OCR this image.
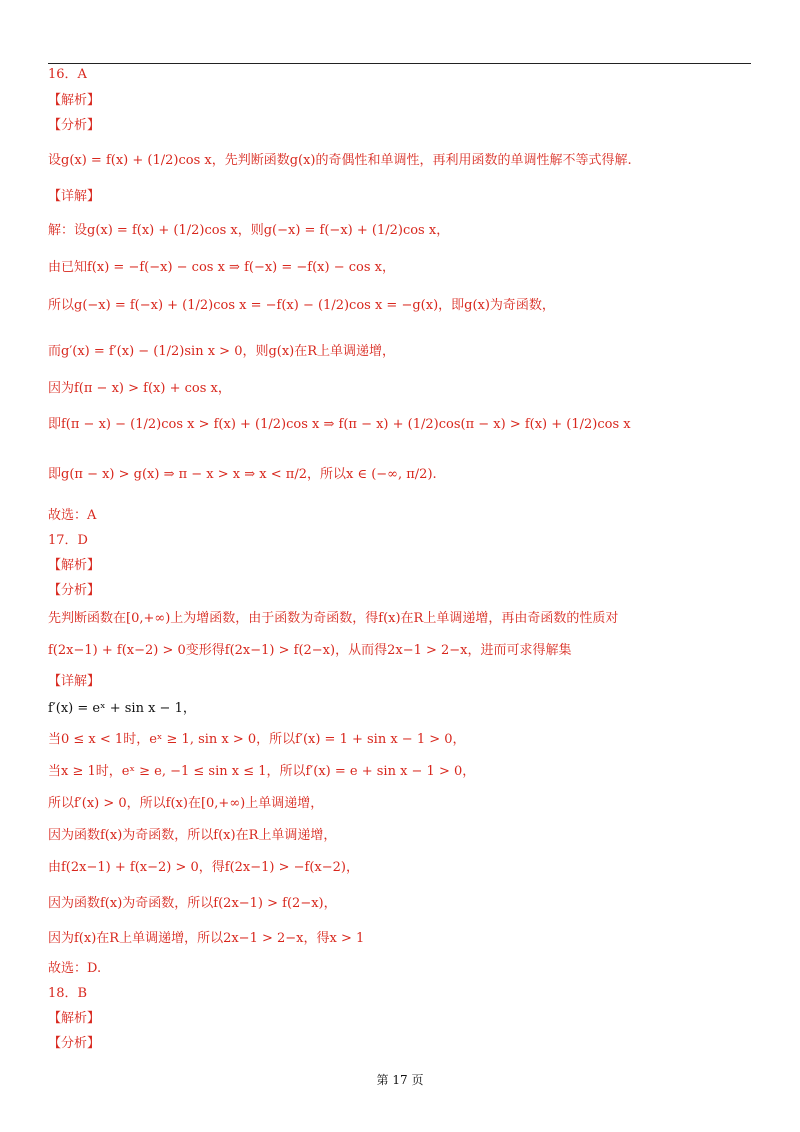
16．A
【解析】
【分析】
设g(x) = f(x) + (1/2)cos x，先判断函数g(x)的奇偶性和单调性，再利用函数的单调性解不等式得解.
【详解】
解：设g(x) = f(x) + (1/2)cos x，则g(−x) = f(−x) + (1/2)cos x，
由已知f(x) = −f(−x) − cos x ⇒ f(−x) = −f(x) − cos x，
所以g(−x) = f(−x) + (1/2)cos x = −f(x) − (1/2)cos x = −g(x)，即g(x)为奇函数，
而g′(x) = f′(x) − (1/2)sin x > 0，则g(x)在R上单调递增，
因为f(π − x) > f(x) + cos x，
即f(π − x) − (1/2)cos x > f(x) + (1/2)cos x ⇒ f(π − x) + (1/2)cos(π − x) > f(x) + (1/2)cos x
即g(π − x) > g(x) ⇒ π − x > x ⇒ x < π/2，所以x ∈ (−∞, π/2).
故选：A
17．D
【解析】
【分析】
先判断函数在[0,+∞)上为增函数，由于函数为奇函数，得f(x)在R上单调递增，再由奇函数的性质对
f(2x−1) + f(x−2) > 0变形得f(2x−1) > f(2−x)，从而得2x−1 > 2−x，进而可求得解集
【详解】
f′(x) = eˣ + sin x − 1，
当0 ≤ x < 1时，eˣ ≥ 1, sin x > 0，所以f′(x) = 1 + sin x − 1 > 0，
当x ≥ 1时，eˣ ≥ e, −1 ≤ sin x ≤ 1，所以f′(x) = e + sin x − 1 > 0，
所以f′(x) > 0，所以f(x)在[0,+∞)上单调递增，
因为函数f(x)为奇函数，所以f(x)在R上单调递增，
由f(2x−1) + f(x−2) > 0，得f(2x−1) > −f(x−2)，
因为函数f(x)为奇函数，所以f(2x−1) > f(2−x)，
因为f(x)在R上单调递增，所以2x−1 > 2−x，得x > 1
故选：D.
18．B
【解析】
【分析】
第 17 页
